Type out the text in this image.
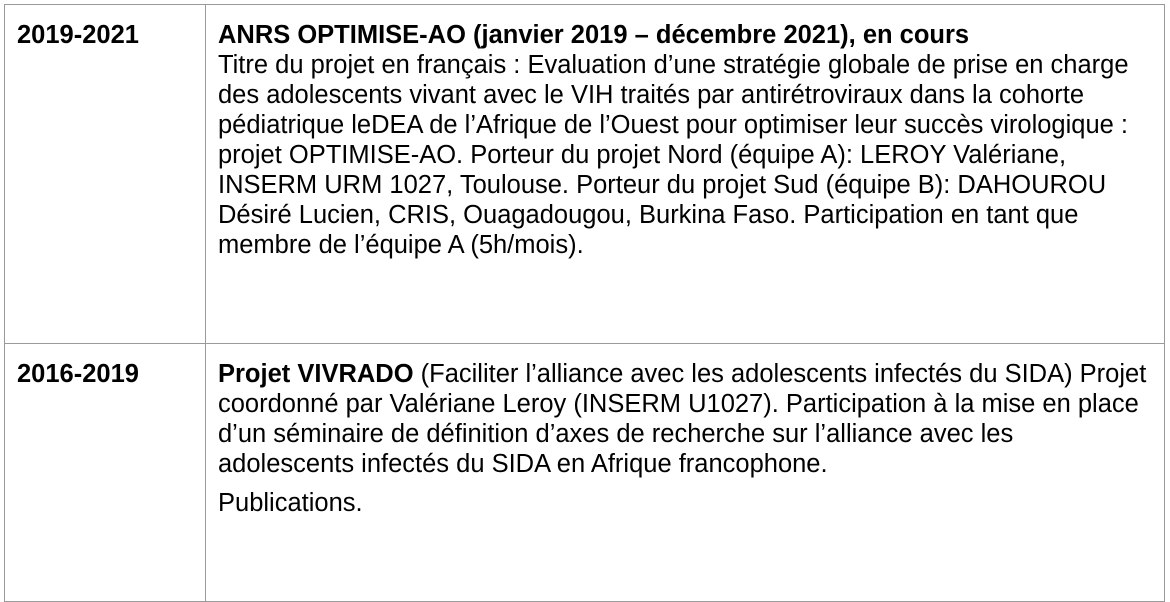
2019-2021	ANRS OPTIMISE-AO (janvier 2019 – décembre 2021), en cours
Titre du projet en français : Evaluation d’une stratégie globale de prise en charge des adolescents vivant avec le VIH traités par antirétroviraux dans la cohorte pédiatrique leDEA de l’Afrique de l’Ouest pour optimiser leur succès virologique : projet OPTIMISE-AO. Porteur du projet Nord (équipe A): LEROY Valériane, INSERM URM 1027, Toulouse. Porteur du projet Sud (équipe B): DAHOUROU Désiré Lucien, CRIS, Ouagadougou, Burkina Faso. Participation en tant que membre de l’équipe A (5h/mois).

2016-2019	Projet VIVRADO (Faciliter l’alliance avec les adolescents infectés du SIDA) Projet coordonné par Valériane Leroy (INSERM U1027). Participation à la mise en place d’un séminaire de définition d’axes de recherche sur l’alliance avec les adolescents infectés du SIDA en Afrique francophone.
Publications.
